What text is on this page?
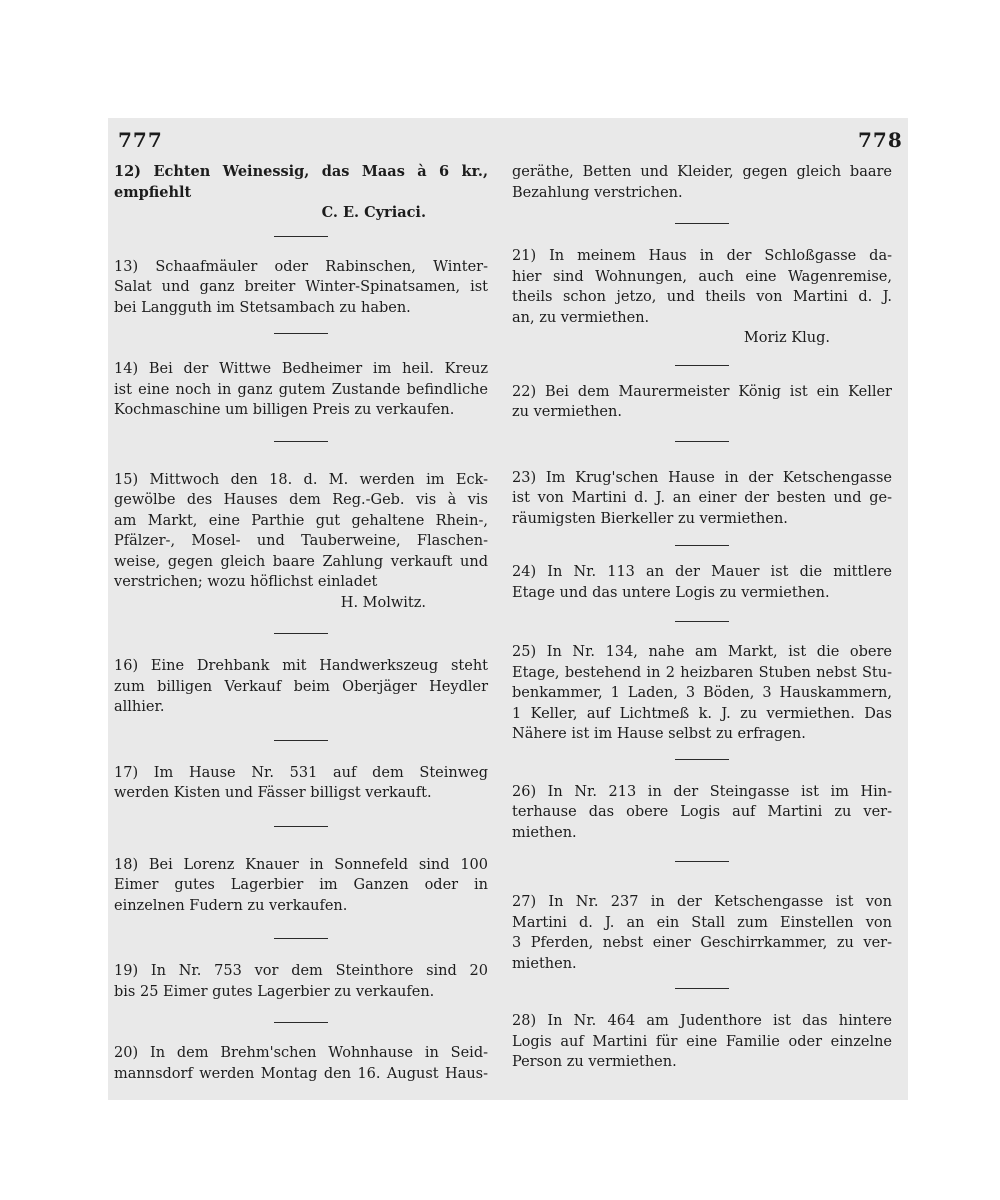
777	778
12) Echten Weinessig, das Maas à 6 kr., empfiehlt
C. E. Cyriaci.
13) Schaafmäuler oder Rabinschen, Winter-
Salat und ganz breiter Winter-Spinatsamen, ist
bei Langguth im Stetsambach zu haben.
14) Bei der Wittwe Bedheimer im heil. Kreuz
ist eine noch in ganz gutem Zustande befindliche
Kochmaschine um billigen Preis zu verkaufen.
15) Mittwoch den 18. d. M. werden im Eck-
gewölbe des Hauses dem Reg.-Geb. vis à vis
am Markt, eine Parthie gut gehaltene Rhein-,
Pfälzer-, Mosel- und Tauberweine, Flaschen-
weise, gegen gleich baare Zahlung verkauft und
verstrichen; wozu höflichst einladet
H. Molwitz.
16) Eine Drehbank mit Handwerkszeug steht
zum billigen Verkauf beim Oberjäger Heydler allhier.
17) Im Hause Nr. 531 auf dem Steinweg
werden Kisten und Fässer billigst verkauft.
18) Bei Lorenz Knauer in Sonnefeld sind 100
Eimer gutes Lagerbier im Ganzen oder in
einzelnen Fudern zu verkaufen.
19) In Nr. 753 vor dem Steinthore sind 20
bis 25 Eimer gutes Lagerbier zu verkaufen.
20) In dem Brehm'schen Wohnhause in Seid-
mannsdorf werden Montag den 16. August Haus-
geräthe, Betten und Kleider, gegen gleich baare
Bezahlung verstrichen.
21) In meinem Haus in der Schloßgasse da-
hier sind Wohnungen, auch eine Wagenremise,
theils schon jetzo, und theils von Martini d. J.
an, zu vermiethen.
Moriz Klug.
22) Bei dem Maurermeister König ist ein Keller
zu vermiethen.
23) Im Krug'schen Hause in der Ketschengasse
ist von Martini d. J. an einer der besten und ge-
räumigsten Bierkeller zu vermiethen.
24) In Nr. 113 an der Mauer ist die mittlere
Etage und das untere Logis zu vermiethen.
25) In Nr. 134, nahe am Markt, ist die obere
Etage, bestehend in 2 heizbaren Stuben nebst Stu-
benkammer, 1 Laden, 3 Böden, 3 Hauskammern,
1 Keller, auf Lichtmeß k. J. zu vermiethen. Das
Nähere ist im Hause selbst zu erfragen.
26) In Nr. 213 in der Steingasse ist im Hin-
terhause das obere Logis auf Martini zu ver-
miethen.
27) In Nr. 237 in der Ketschengasse ist von
Martini d. J. an ein Stall zum Einstellen von
3 Pferden, nebst einer Geschirrkammer, zu ver-
miethen.
28) In Nr. 464 am Judenthore ist das hintere
Logis auf Martini für eine Familie oder einzelne
Person zu vermiethen.
